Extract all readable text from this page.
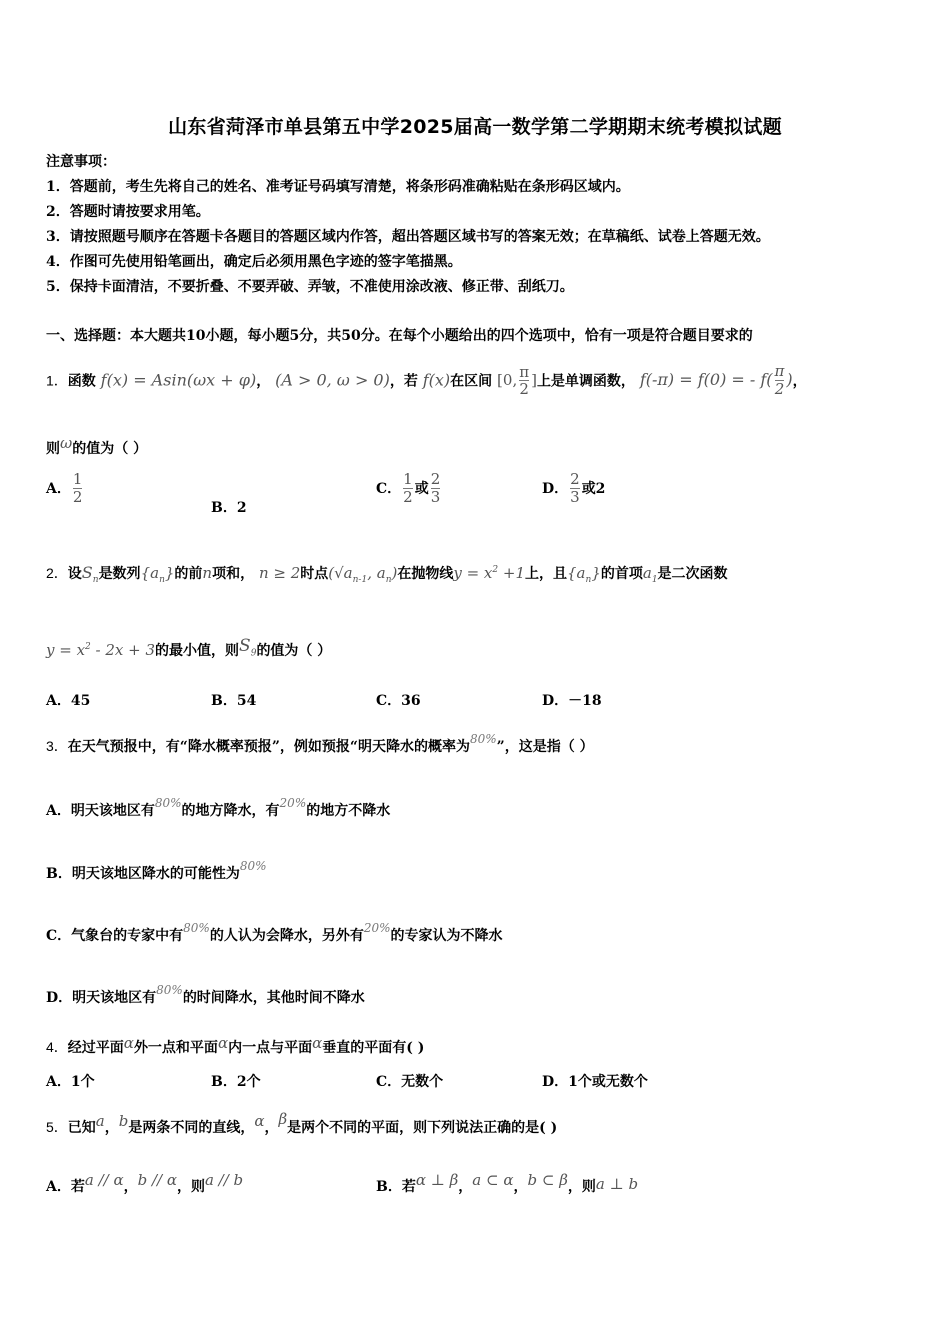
山东省菏泽市单县第五中学2025届高一数学第二学期期末统考模拟试题
注意事项：
1．答题前，考生先将自己的姓名、准考证号码填写清楚，将条形码准确粘贴在条形码区域内。
2．答题时请按要求用笔。
3．请按照题号顺序在答题卡各题目的答题区域内作答，超出答题区域书写的答案无效；在草稿纸、试卷上答题无效。
4．作图可先使用铅笔画出，确定后必须用黑色字迹的签字笔描黑。
5．保持卡面清洁，不要折叠、不要弄破、弄皱，不准使用涂改液、修正带、刮纸刀。
一、选择题：本大题共10小题，每小题5分，共50分。在每个小题给出的四个选项中，恰有一项是符合题目要求的
1．函数 f(x) = Asin(ωx + φ)， (A > 0, ω > 0)，若 f(x)在区间 [0, $\frac{\pi}{2}$ ]上是单调函数， f(-π) = f(0) = - $f( \frac{\pi}{2}$ )，
则ω的值为（ ）
A． $\frac{1}{2}$
B．2
C． $\frac{1}{2}$ 或 $\frac{2}{3}$	D． $\frac{2}{3}$ 或2
2．设$S_n$是数列$\{a_n\}$的前n项和， n ≥ 2时点($√a_{n-1}$, $a_n$)在抛物线$y = x^2 +1$上，且$\{a_n\}$的首项$a_1$是二次函数
$y = x^2 - 2x + 3$的最小值，则$S_9$的值为（ ）
A．45	B．54	C．36	D．－18
3．在天气预报中，有“降水概率预报”，例如预报“明天降水的概率为80%”，这是指（ ）
A．明天该地区有80%的地方降水，有20%的地方不降水
B．明天该地区降水的可能性为80%
C．气象台的专家中有80%的人认为会降水，另外有20%的专家认为不降水
D．明天该地区有80%的时间降水，其他时间不降水
4．经过平面α外一点和平面α内一点与平面α垂直的平面有( )
A．1个	B．2个	C．无数个	D．1个或无数个
5．已知a，b是两条不同的直线，α，β是两个不同的平面，则下列说法正确的是( )
A．若a // α，b // α，则a // b	B．若α ⊥ β，a ⊂ α，b ⊂ β，则a ⊥ b
